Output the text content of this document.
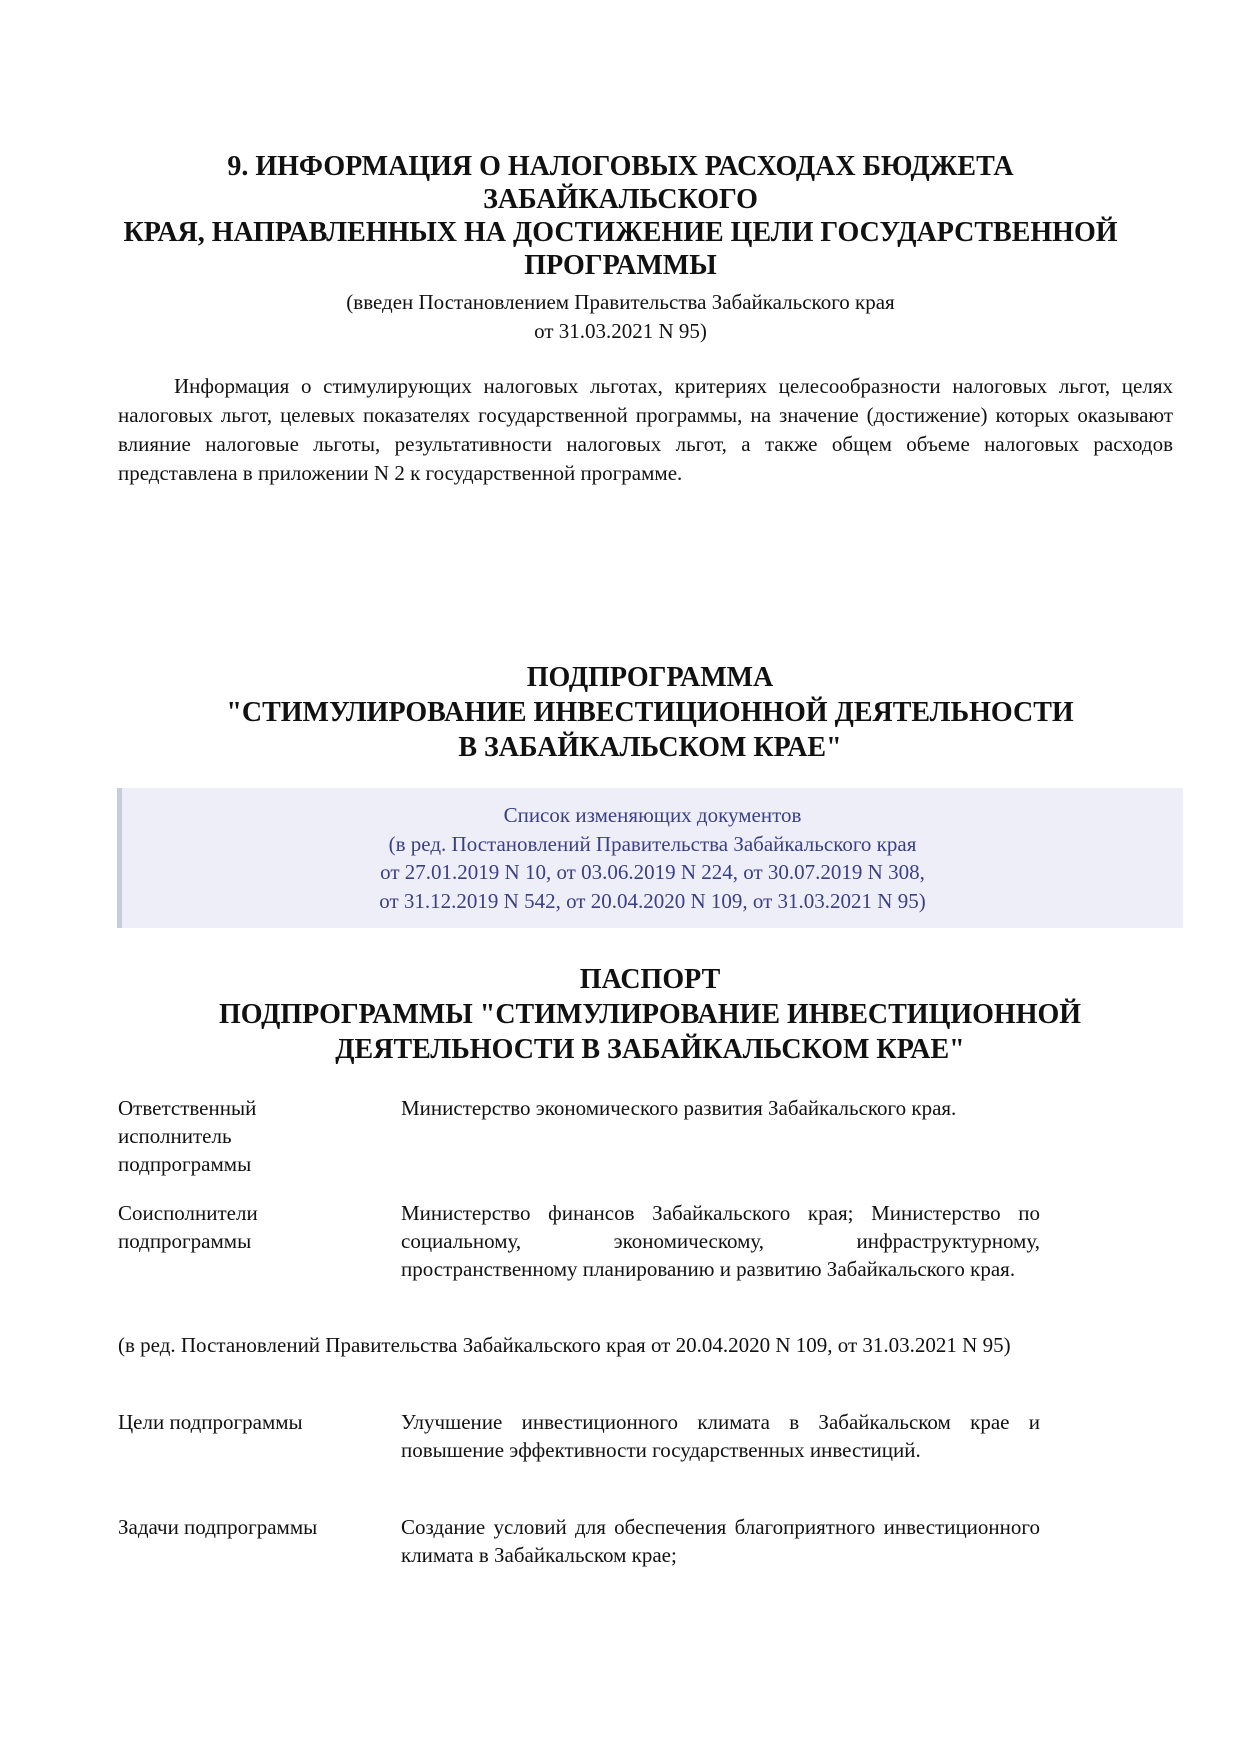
9. ИНФОРМАЦИЯ О НАЛОГОВЫХ РАСХОДАХ БЮДЖЕТА
ЗАБАЙКАЛЬСКОГО
КРАЯ, НАПРАВЛЕННЫХ НА ДОСТИЖЕНИЕ ЦЕЛИ ГОСУДАРСТВЕННОЙ
ПРОГРАММЫ
(введен Постановлением Правительства Забайкальского края
от 31.03.2021 N 95)
Информация о стимулирующих налоговых льготах, критериях целесообразности налоговых льгот, целях налоговых льгот, целевых показателях государственной программы, на значение (достижение) которых оказывают влияние налоговые льготы, результативности налоговых льгот, а также общем объеме налоговых расходов представлена в приложении N 2 к государственной программе.
ПОДПРОГРАММА
"СТИМУЛИРОВАНИЕ ИНВЕСТИЦИОННОЙ ДЕЯТЕЛЬНОСТИ
В ЗАБАЙКАЛЬСКОМ КРАЕ"
Список изменяющих документов
(в ред. Постановлений Правительства Забайкальского края
от 27.01.2019 N 10, от 03.06.2019 N 224, от 30.07.2019 N 308,
от 31.12.2019 N 542, от 20.04.2020 N 109, от 31.03.2021 N 95)
ПАСПОРТ
ПОДПРОГРАММЫ "СТИМУЛИРОВАНИЕ ИНВЕСТИЦИОННОЙ
ДЕЯТЕЛЬНОСТИ В ЗАБАЙКАЛЬСКОМ КРАЕ"
Ответственный исполнитель подпрограммы
Министерство экономического развития Забайкальского края.
Соисполнители подпрограммы
Министерство финансов Забайкальского края; Министерство по социальному, экономическому, инфраструктурному, пространственному планированию и развитию Забайкальского края.
(в ред. Постановлений Правительства Забайкальского края от 20.04.2020 N 109, от 31.03.2021 N 95)
Цели подпрограммы	Улучшение инвестиционного климата в Забайкальском крае и повышение эффективности государственных инвестиций.
Задачи подпрограммы	Создание условий для обеспечения благоприятного инвестиционного климата в Забайкальском крае;
